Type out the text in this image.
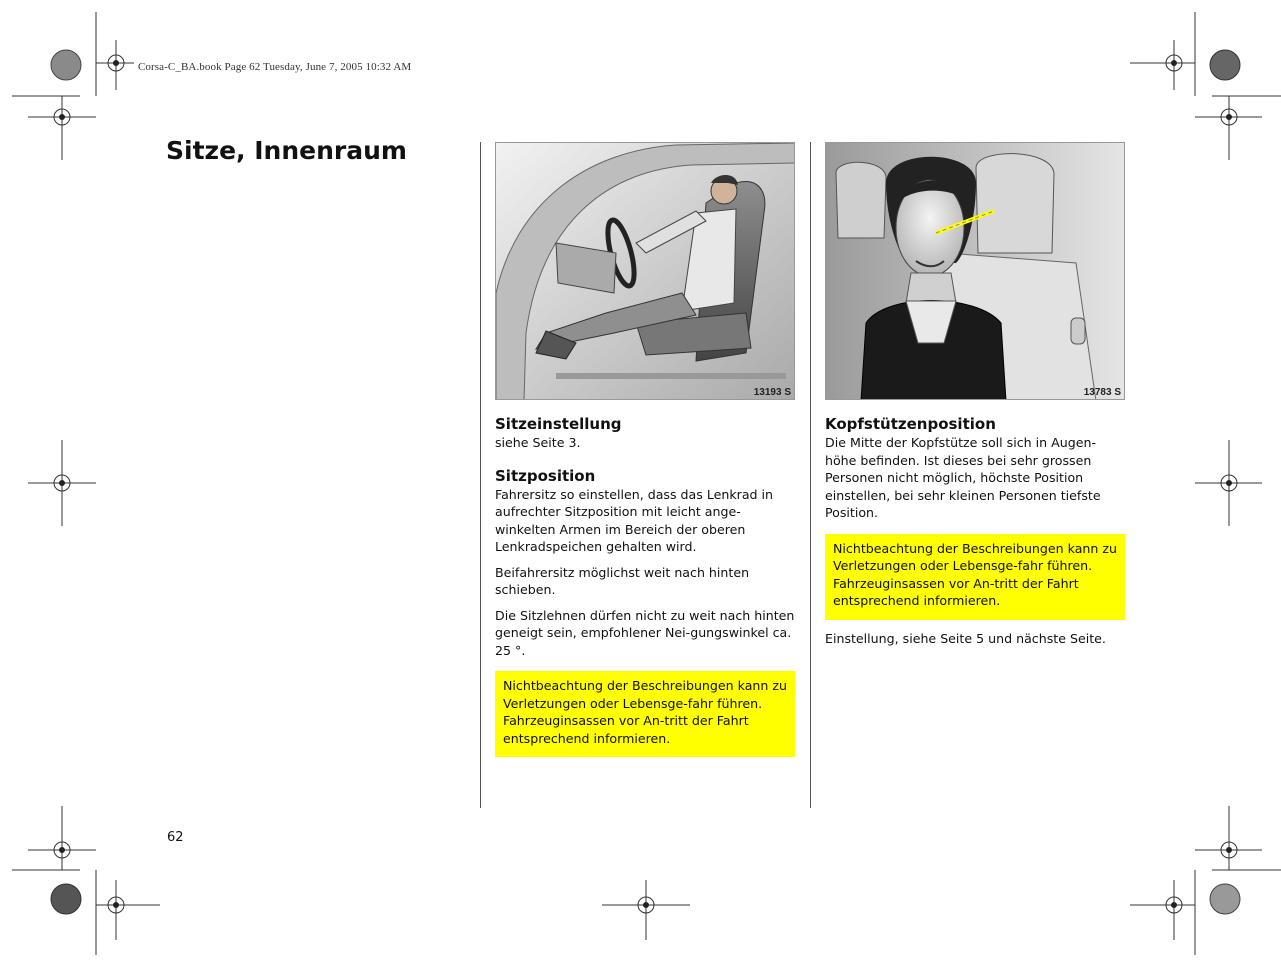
Corsa-C_BA.book Page 62 Tuesday, June 7, 2005 10:32 AM
Sitze, Innenraum
13193 S	13783 S
Sitzeinstellung

siehe Seite 3.

Sitzposition

Fahrersitz so einstellen, dass das Lenkrad in aufrechter Sitzposition mit leicht ange-winkelten Armen im Bereich der oberen Lenkradspeichen gehalten wird.

Beifahrersitz möglichst weit nach hinten schieben.

Die Sitzlehnen dürfen nicht zu weit nach hinten geneigt sein, empfohlener Nei-gungswinkel ca. 25 °.

Nichtbeachtung der Beschreibungen kann zu Verletzungen oder Lebensge-fahr führen. Fahrzeuginsassen vor An-tritt der Fahrt entsprechend informieren.
Kopfstützenposition

Die Mitte der Kopfstütze soll sich in Augen-höhe befinden. Ist dieses bei sehr grossen Personen nicht möglich, höchste Position einstellen, bei sehr kleinen Personen tiefste Position.

Nichtbeachtung der Beschreibungen kann zu Verletzungen oder Lebensge-fahr führen. Fahrzeuginsassen vor An-tritt der Fahrt entsprechend informieren.

Einstellung, siehe Seite 5 und nächste Seite.

62
